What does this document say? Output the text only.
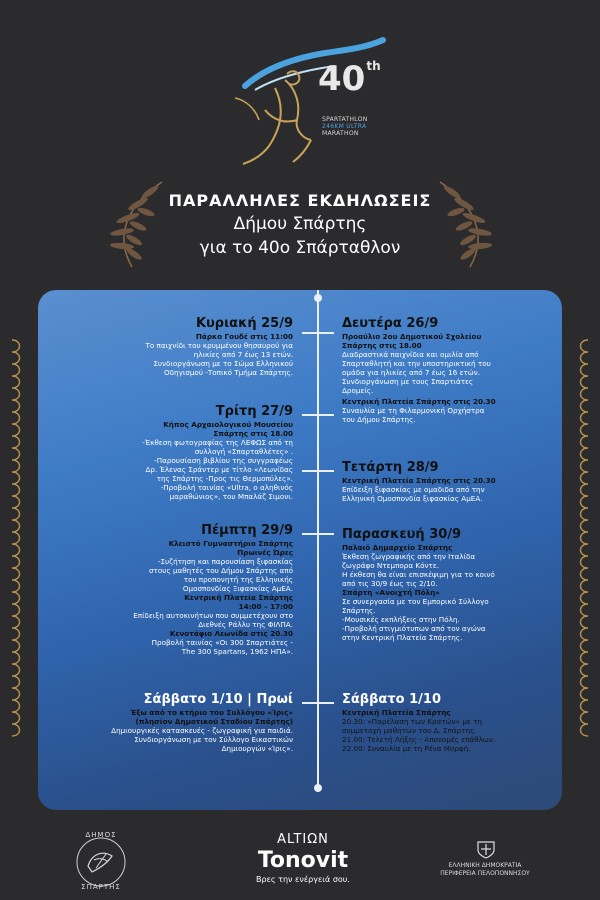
40th
SPARTATHLON
246KM ULTRA
MARATHON
ΠΑΡΑΛΛΗΛΕΣ ΕΚΔΗΛΩΣΕΙΣ
Δήμου Σπάρτης
για το 40ο Σπάρταθλον
Κυριακή 25/9
Πάρκο Γουδέ στις 11:00
Το παιχνίδι του κρυμμένου θησαυρού για
ηλικίες από 7 έως 13 ετών.
Συνδιοργάνωση με το Σώμα Ελληνικού
Οδηγισμού -Τοπικό Τμήμα Σπάρτης.
Τρίτη 27/9
Κήπος Αρχαιολογικού Μουσείου
Σπάρτης στις 18.00
-Έκθεση φωτογραφίας της ΛΕΦΩΣ από τη
συλλογή «Σπαρταθλέτες» .
-Παρουσίαση βιβλίου της συγγραφέως
Δρ. Έλενας Σράντερ με τίτλο «Λεωνίδας
της Σπάρτης -Προς τις Θερμοπύλες».
-Προβολή ταινίας «Ultra, ο αληθινός
μαραθώνιος», του Μπαλάζ Σιμονι.
Πέμπτη 29/9
Κλειστό Γυμναστήριο Σπάρτης
Πρωινές Ώρες
-Συζήτηση και παρουσίαση ξιφασκίας
στους μαθητές του Δήμου Σπάρτης από
τον προπονητή της Ελληνικής
Ομοσπονδίας Ξιφασκίας ΑμΕΑ.
Κεντρική Πλατεία Σπάρτης
14:00 – 17:00
Επίδειξη αυτοκινήτων που συμμετέχουν στο
Διεθνές Ράλλυ της ΦΙΛΠΑ.
Κενοτάφιο Λεωνίδα στις 20.30
Προβολή ταινίας «Οι 300 Σπαρτιάτες -
The 300 Spartans, 1962 ΗΠΑ».
Σάββατο 1/10 | Πρωί
Έξω από το κτήριο του Συλλόγου «Ίρις»
(πλησίον Δημοτικού Σταδίου Σπάρτης)
Δημιουργικές κατασκευές - ζωγραφική για παιδιά.
Συνδιοργάνωση με τον Σύλλογο Εικαστικών
Δημιουργών «Ίρις».
Δευτέρα 26/9
Προαύλιο 2ου Δημοτικού Σχολείου
Σπάρτης στις 18.00
Διαδραστικά παιχνίδια και ομιλία από
Σπαρταθλητή και την υποστηρικτική του
ομάδα για ηλικίες από 7 έως 16 ετών.
Συνδιοργάνωση με τους Σπαρτιάτες
Δρομείς.
Κεντρική Πλατεία Σπάρτης στις 20.30
Συναυλία με τη Φιλαρμονική Ορχήστρα
του Δήμου Σπάρτης.
Τετάρτη 28/9
Κεντρική Πλατεία Σπάρτης στις 20.30
Επίδειξη ξιφασκίας με ομαδιδα από την
Ελληνική Ομοσπονδία ξιφασκίας ΑμΕΑ.
Παρασκευή 30/9
Παλαιό Δημαρχείο Σπάρτης
Έκθεση ζωγραφικής από την Ιταλίδα
ζωγράφο Ντεμπορα Κόντε.
Η έκθεση θα είναι επισκέψιμη για το κοινό
από τις 30/9 έως τις 2/10.
Σπάρτη «Ανοιχτή Πόλη»
Σε συνεργασία με τον Εμπορικό Σύλλογο
Σπάρτης.
-Μουσικές εκπλήξεις στην Πόλη.
-Προβολή στιγμιότυπων από τον αγώνα
στην Κεντρική Πλατεία Σπάρτης.
Σάββατο 1/10
Κεντρική Πλατεία Σπάρτης
20.30: «Παρέλαση των Κρατών» με τη
συμμετοχή μαθητών του Δ. Σπάρτης.
21.00: Τελετή Λήξης - Απονομές επάθλων.
22.00: Συναυλία με τη Ρένα Μορφή.
ΔΗΜΟΣ
ΣΠΑΡΤΗΣ
ALTIΩN
Tonovit
Βρες την ενέργειά σου.
ΕΛΛΗΝΙΚΗ ΔΗΜΟΚΡΑΤΙΑ
ΠΕΡΙΦΕΡΕΙΑ ΠΕΛΟΠΟΝΝΗΣΟΥ
